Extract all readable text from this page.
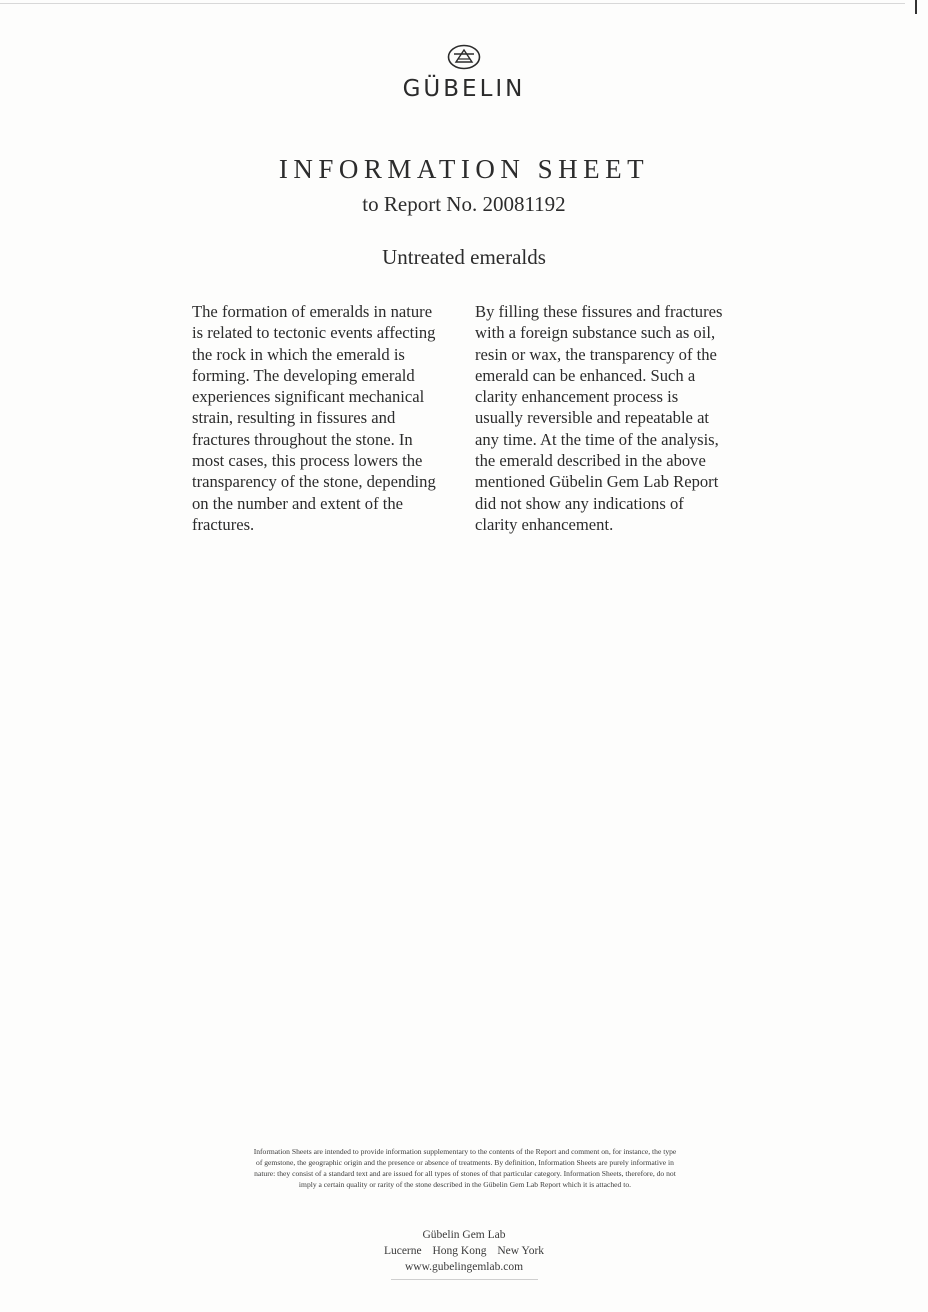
GÜBELIN
INFORMATION SHEET
to Report No. 20081192
Untreated emeralds
The formation of emeralds in nature
is related to tectonic events affecting
the rock in which the emerald is
forming. The developing emerald
experiences significant mechanical
strain, resulting in fissures and
fractures throughout the stone. In
most cases, this process lowers the
transparency of the stone, depending
on the number and extent of the
fractures.
By filling these fissures and fractures
with a foreign substance such as oil,
resin or wax, the transparency of the
emerald can be enhanced. Such a
clarity enhancement process is
usually reversible and repeatable at
any time. At the time of the analysis,
the emerald described in the above
mentioned Gübelin Gem Lab Report
did not show any indications of
clarity enhancement.
Information Sheets are intended to provide information supplementary to the contents of the Report and comment on, for instance, the type
of gemstone, the geographic origin and the presence or absence of treatments. By definition, Information Sheets are purely informative in
nature: they consist of a standard text and are issued for all types of stones of that particular category. Information Sheets, therefore, do not
imply a certain quality or rarity of the stone described in the Gübelin Gem Lab Report which it is attached to.
Gübelin Gem Lab
Lucerne Hong Kong New York
www.gubelingemlab.com
